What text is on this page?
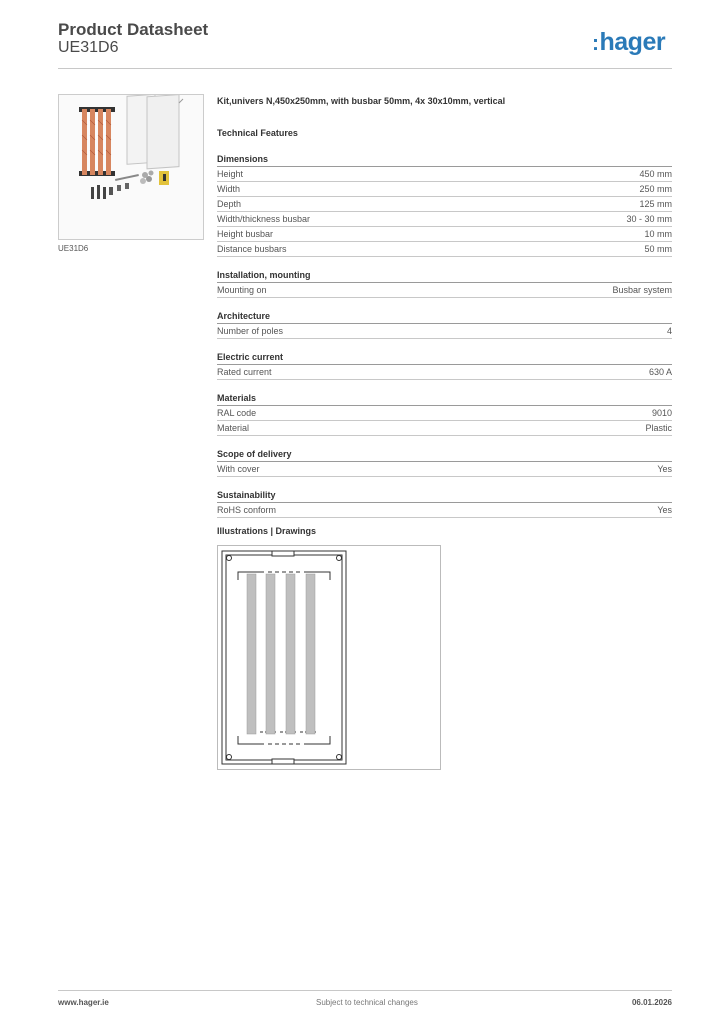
Product Datasheet
UE31D6	:hager
UE31D6
Kit,univers N,450x250mm, with busbar 50mm, 4x 30x10mm, vertical
Technical Features
Dimensions
Height	450 mm
Width	250 mm
Depth	125 mm
Width/thickness busbar	30 - 30 mm
Height busbar	10 mm
Distance busbars	50 mm
Installation, mounting
Mounting on	Busbar system
Architecture
Number of poles	4
Electric current
Rated current	630 A
Materials
RAL code	9010
Material	Plastic
Scope of delivery
With cover	Yes
Sustainability
RoHS conform	Yes
Illustrations | Drawings
www.hager.ie	Subject to technical changes	06.01.2026
